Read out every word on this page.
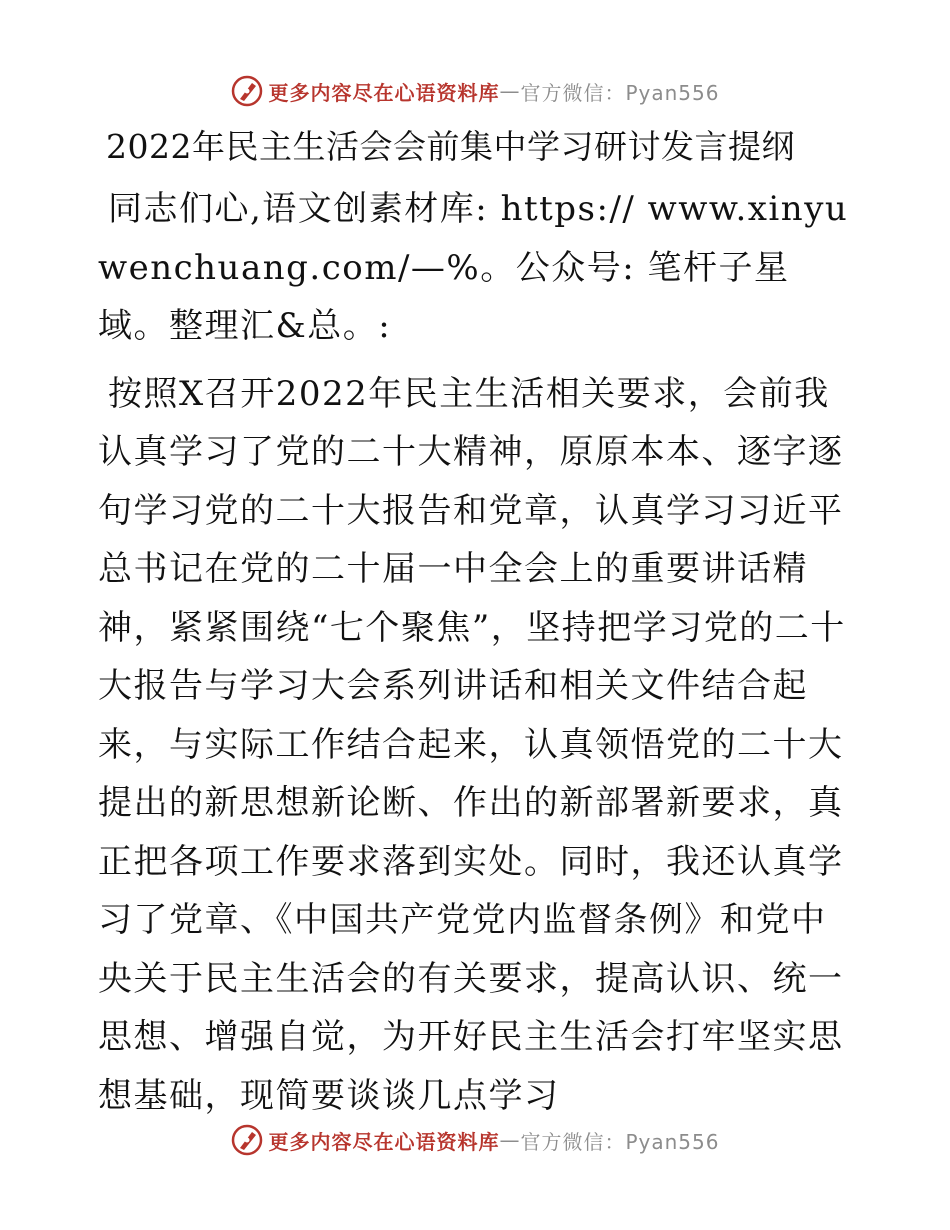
更多内容尽在心语资料库 — 官方微信：Pyan556
2022年民主生活会会前集中学习研讨发言提纲

同志们心,语文创素材库: https:// www.xinyuwenchuang.com/—%。公众号: 笔杆子星域。整理汇&总。:

按照X召开2022年民主生活相关要求，会前我认真学习了党的二十大精神，原原本本、逐字逐句学习党的二十大报告和党章，认真学习习近平总书记在党的二十届一中全会上的重要讲话精神，紧紧围绕“七个聚焦”，坚持把学习党的二十大报告与学习大会系列讲话和相关文件结合起来，与实际工作结合起来，认真领悟党的二十大提出的新思想新论断、作出的新部署新要求，真正把各项工作要求落到实处。同时，我还认真学习了党章、《中国共产党党内监督条例》和党中央关于民主生活会的有关要求，提高认识、统一思想、增强自觉，为开好民主生活会打牢坚实思想基础，现简要谈谈几点学习

更多内容尽在心语资料库 — 官方微信：Pyan556
